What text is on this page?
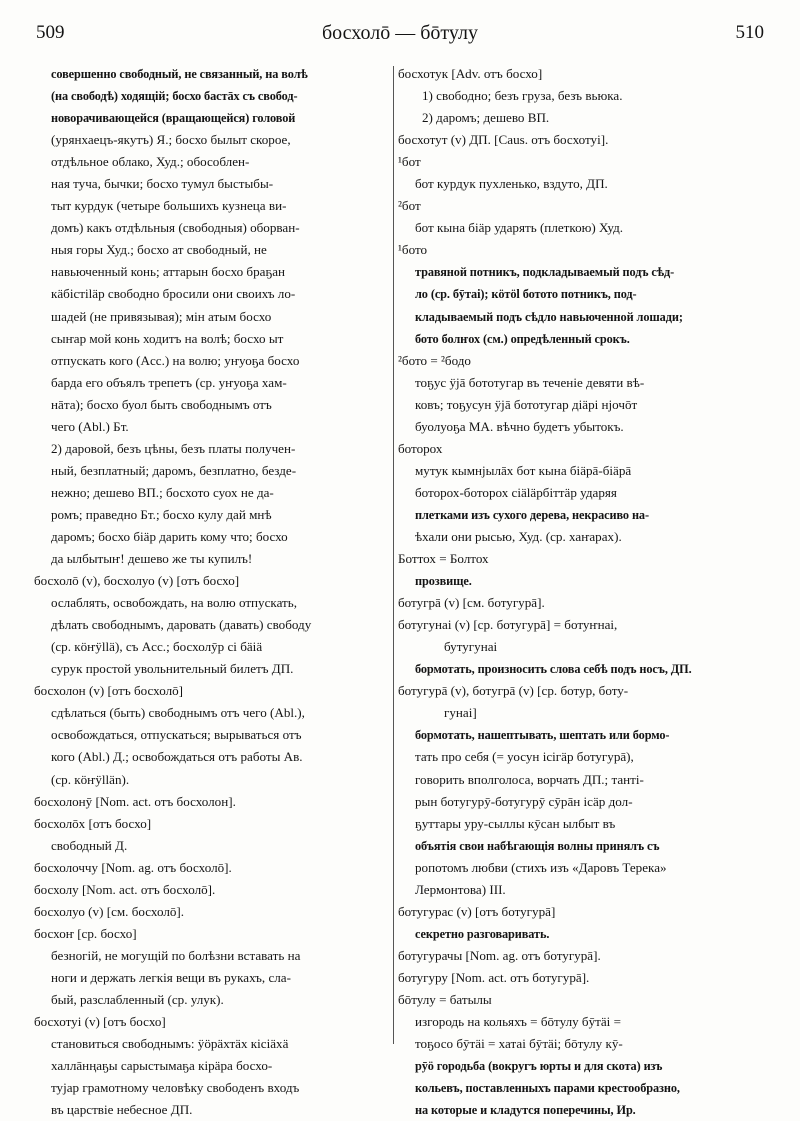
509	босхолō — бōтулу	510

совершенно свободный, не связанный, на волѣ

(на свободѣ) ходящій; босхо бастāх съ свобод-

новорачивающейся (вращающейся) головой

(урянхаецъ-якутъ) Я.; босхо былыт скорое,

отдѣльное облако, Худ.; обособлен-

ная туча, бычки; босхо тумул быстыбы-

тыт курдук (четыре большихъ кузнеца ви-

домъ) какъ отдѣльныя (свободныя) оборван-

ныя горы Худ.; босхо ат свободный, не

навьюченный конь; аттарын босхо браҕан

кäбiстiläр свободно бросили они своихъ ло-

шадей (не привязывая); мiн атым босхо

сыҥар мой конь ходитъ на волѣ; босхо ыт

отпускать кого (Acc.) на волю; уҥуоҕа босхо

барда его объялъ трепетъ (ср. уҥуоҕа хам-

нāта); босхо буол быть свободнымъ отъ

чего (Abl.) Бт.

2) даровой, безъ цѣны, безъ платы получен-

ный, безплатный; даромъ, безплатно, безде-

нежно; дешево ВП.; босхото суох не да-

ромъ; праведно Бт.; босхо кулу дай мнѣ

даромъ; босхо бiäр дарить кому что; босхо

да ылбытыҥ! дешево же ты купилъ!

босхолō (v), босхолуо (v) [отъ босхо]

ослаблять, освобождать, на волю отпускать,

дѣлать свободнымъ, даровать (давать) свободу

(ср. кöҥÿllä), съ Acc.; босхолӯр сi бäiä

сурук простой увольнительный билетъ ДП.

босхолон (v) [отъ босхолō]

сдѣлаться (быть) свободнымъ отъ чего (Abl.),

освобождаться, отпускаться; вырываться отъ

кого (Abl.) Д.; освобождаться отъ работы Ав.

(ср. кöҥÿllän).

босхолонӯ [Nom. act. отъ босхолон].

босхолōх [отъ босхо]

свободный Д.

босхолоччу [Nom. ag. отъ босхолō].

босхолу [Nom. act. отъ босхолō].

босхолуо (v) [см. босхолō].

босхоҥ [ср. босхо]

безногій, не могущій по болѣзни вставать на

ноги и держать легкія вещи въ рукахъ, сла-

бый, разслабленный (ср. улук).

босхотуi (v) [отъ босхо]

становиться свободнымъ: ÿöрäхтäх кiсiäхä

халлāнңаҕы сарыстымаҕа кiрäра босхо-

туjар грамотному человѣку свободенъ входъ

въ царствіе небесное ДП.

босхотук [Adv. отъ босхо]

1) свободно; безъ груза, безъ вьюка.

2) даромъ; дешево ВП.

босхотут (v) ДП. [Caus. отъ босхотуi].

¹бот

бот курдук пухленько, вздуто, ДП.

²бот

бот кына бiäр ударять (плеткою) Худ.

¹бото

травяной потникъ, подкладываемый подъ сѣд-

ло (ср. бӯтаi); кöтöl ботото потникъ, под-

кладываемый подъ сѣдло навьюченной лошади;

бото болҥох (см.) опредѣленный срокъ.

²бото = ²бодо

тоҕус ӱjā бототугар въ теченіе девяти вѣ-

ковъ; тоҕусун ӱjā бототугар дiäрi нjочōт

буолуоҕа МА. вѣчно будетъ убытокъ.

боторох

мутук кымнjылāх бот кына бiäрā-бiäрā

боторох-боторох сiäläрбiттäр ударяя

плетками изъ сухого дерева, некрасиво на-

ѣхали они рысью, Худ. (ср. хаҥарах).

Боттох = Болтох

прозвище.

ботугрā (v) [см. ботугурā].

ботугунаi (v) [ср. ботугурā] = ботуҥнаi,

бутугунаi

бормотать, произносить слова себѣ подъ носъ, ДП.

ботугурā (v), ботугрā (v) [ср. ботур, боту-

гунаi]

бормотать, нашептывать, шептать или бормо-

тать про себя (= уосун iсiгäр ботугурā),

говорить вполголоса, ворчать ДП.; тантi-

рын ботугурӯ-ботугурӯ сӯрāн iсäр дол-

ҕуттары уру-сыллы кӯсан ылбыт въ

объятія свои набѣгающія волны принялъ съ

ропотомъ любви (стихъ изъ «Даровъ Терека»

Лермонтова) III.

ботугурас (v) [отъ ботугурā]

секретно разговаривать.

ботугурачы [Nom. ag. отъ ботугурā].

ботугуру [Nom. act. отъ ботугурā].

бōтулу = батылы

изгородь на кольяхъ = бōтулу бӯтäi =

тоҕосо бӯтäi = хатаi бӯтäi; бōтулу кӯ-

рӯö городьба (вокругъ юрты и для скота) изъ

кольевъ, поставленныхъ парами крестообразно,

на которые и кладутся поперечины, Ир.
